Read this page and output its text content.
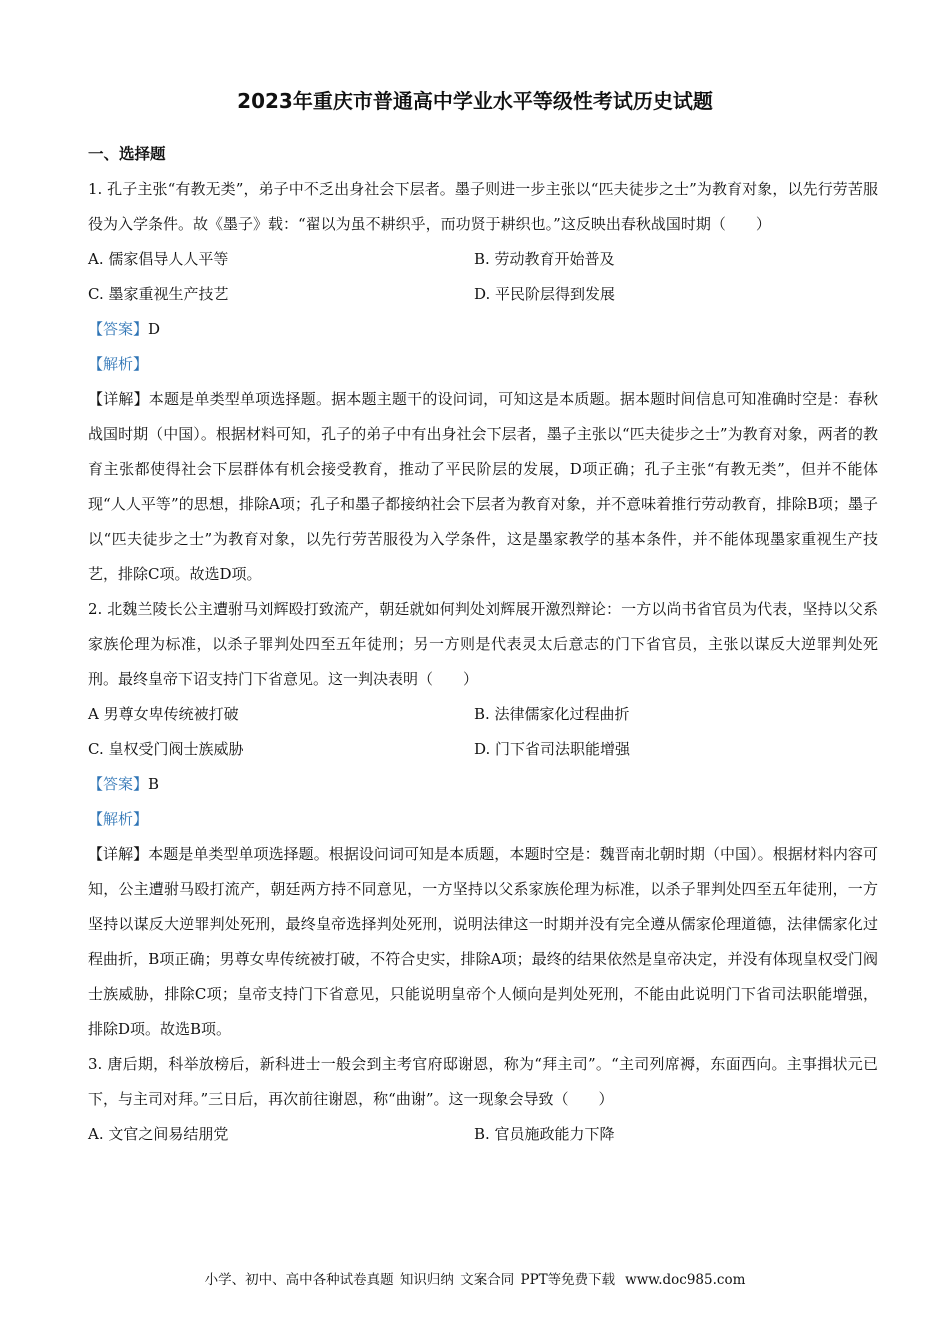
2023年重庆市普通高中学业水平等级性考试历史试题
一、选择题

1. 孔子主张“有教无类”，弟子中不乏出身社会下层者。墨子则进一步主张以“匹夫徒步之士”为教育对象，以先行劳苦服役为入学条件。故《墨子》载：“翟以为虽不耕织乎，而功贤于耕织也。”这反映出春秋战国时期（　　）

A. 儒家倡导人人平等	B. 劳动教育开始普及
C. 墨家重视生产技艺	D. 平民阶层得到发展

【答案】D

【解析】

【详解】本题是单类型单项选择题。据本题主题干的设问词，可知这是本质题。据本题时间信息可知准确时空是：春秋战国时期（中国）。根据材料可知，孔子的弟子中有出身社会下层者，墨子主张以“匹夫徒步之士”为教育对象，两者的教育主张都使得社会下层群体有机会接受教育，推动了平民阶层的发展，D项正确；孔子主张“有教无类”，但并不能体现“人人平等”的思想，排除A项；孔子和墨子都接纳社会下层者为教育对象，并不意味着推行劳动教育，排除B项；墨子以“匹夫徒步之士”为教育对象，以先行劳苦服役为入学条件，这是墨家教学的基本条件，并不能体现墨家重视生产技艺，排除C项。故选D项。

2. 北魏兰陵长公主遭驸马刘辉殴打致流产，朝廷就如何判处刘辉展开激烈辩论：一方以尚书省官员为代表，坚持以父系家族伦理为标准，以杀子罪判处四至五年徒刑；另一方则是代表灵太后意志的门下省官员，主张以谋反大逆罪判处死刑。最终皇帝下诏支持门下省意见。这一判决表明（　　）

A 男尊女卑传统被打破	B. 法律儒家化过程曲折
C. 皇权受门阀士族威胁	D. 门下省司法职能增强

【答案】B

【解析】

【详解】本题是单类型单项选择题。根据设问词可知是本质题，本题时空是：魏晋南北朝时期（中国）。根据材料内容可知，公主遭驸马殴打流产，朝廷两方持不同意见，一方坚持以父系家族伦理为标准，以杀子罪判处四至五年徒刑，一方坚持以谋反大逆罪判处死刑，最终皇帝选择判处死刑，说明法律这一时期并没有完全遵从儒家伦理道德，法律儒家化过程曲折，B项正确；男尊女卑传统被打破，不符合史实，排除A项；最终的结果依然是皇帝决定，并没有体现皇权受门阀士族威胁，排除C项；皇帝支持门下省意见，只能说明皇帝个人倾向是判处死刑，不能由此说明门下省司法职能增强，排除D项。故选B项。

3. 唐后期，科举放榜后，新科进士一般会到主考官府邸谢恩，称为“拜主司”。“主司列席褥，东面西向。主事揖状元已下，与主司对拜。”三日后，再次前往谢恩，称“曲谢”。这一现象会导致（　　）

A. 文官之间易结朋党	B. 官员施政能力下降
小学、初中、高中各种试卷真题 知识归纳 文案合同 PPT等免费下载 www.doc985.com
